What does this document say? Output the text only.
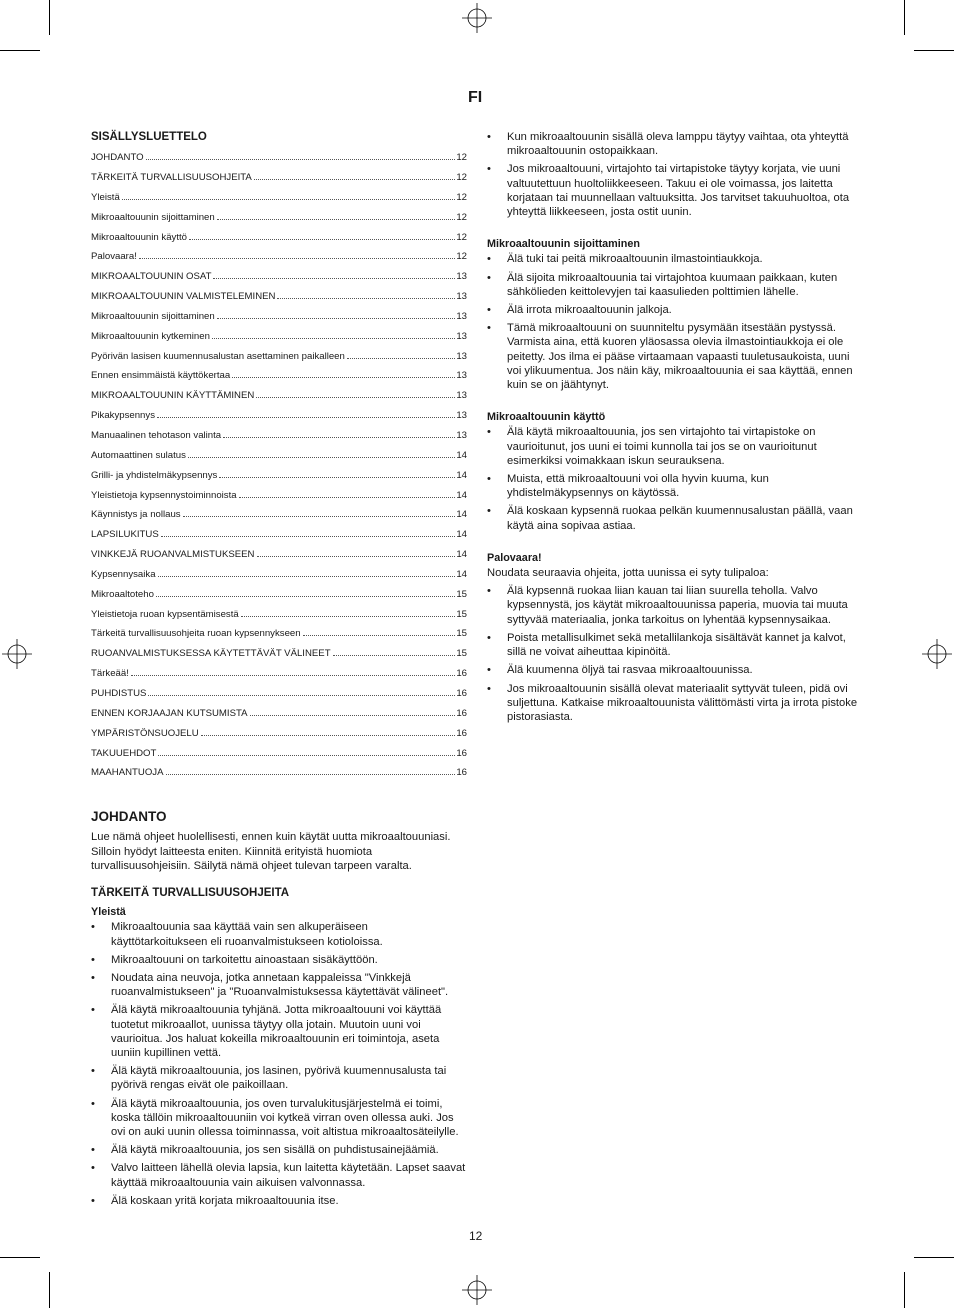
FI
SISÄLLYSLUETTELO
JOHDANTO	12
TÄRKEITÄ TURVALLISUUSOHJEITA	12
Yleistä	12
Mikroaaltouunin sijoittaminen	12
Mikroaaltouunin käyttö	12
Palovaara!	12
MIKROAALTOUUNIN OSAT	13
MIKROAALTOUUNIN VALMISTELEMINEN	13
Mikroaaltouunin sijoittaminen	13
Mikroaaltouunin kytkeminen	13
Pyörivän lasisen kuumennusalustan asettaminen paikalleen	13
Ennen ensimmäistä käyttökertaa	13
MIKROAALTOUUNIN KÄYTTÄMINEN	13
Pikakypsennys	13
Manuaalinen tehotason valinta	13
Automaattinen sulatus	14
Grilli- ja yhdistelmäkypsennys	14
Yleistietoja kypsennystoiminnoista	14
Käynnistys ja nollaus	14
LAPSILUKITUS	14
VINKKEJÄ RUOANVALMISTUKSEEN	14
Kypsennysaika	14
Mikroaaltoteho	15
Yleistietoja ruoan kypsentämisestä	15
Tärkeitä turvallisuusohjeita ruoan kypsennykseen	15
RUOANVALMISTUKSESSA KÄYTETTÄVÄT VÄLINEET	15
Tärkeää!	16
PUHDISTUS	16
ENNEN KORJAAJAN KUTSUMISTA	16
YMPÄRISTÖNSUOJELU	16
TAKUUEHDOT	16
MAAHANTUOJA	16
JOHDANTO

Lue nämä ohjeet huolellisesti, ennen kuin käytät uutta mikroaaltouuniasi. Silloin hyödyt laitteesta eniten. Kiinnitä erityistä huomiota turvallisuusohjeisiin. Säilytä nämä ohjeet tulevan tarpeen varalta.

TÄRKEITÄ TURVALLISUUSOHJEITA
Yleistä
• Mikroaaltouunia saa käyttää vain sen alkuperäiseen käyttötarkoitukseen eli ruoanvalmistukseen kotioloissa.
• Mikroaaltouuni on tarkoitettu ainoastaan sisäkäyttöön.
• Noudata aina neuvoja, jotka annetaan kappaleissa "Vinkkejä ruoanvalmistukseen" ja "Ruoanvalmistuksessa käytettävät välineet".
• Älä käytä mikroaaltouunia tyhjänä. Jotta mikroaaltouuni voi käyttää tuotetut mikroaallot, uunissa täytyy olla jotain. Muutoin uuni voi vaurioitua. Jos haluat kokeilla mikroaaltouunin eri toimintoja, aseta uuniin kupillinen vettä.
• Älä käytä mikroaaltouunia, jos lasinen, pyörivä kuumennusalusta tai pyörivä rengas eivät ole paikoillaan.
• Älä käytä mikroaaltouunia, jos oven turvalukitusjärjestelmä ei toimi, koska tällöin mikroaaltouuniin voi kytkeä virran oven ollessa auki. Jos ovi on auki uunin ollessa toiminnassa, voit altistua mikroaaltosäteilylle.
• Älä käytä mikroaaltouunia, jos sen sisällä on puhdistusainejäämiä.
• Valvo laitteen lähellä olevia lapsia, kun laitetta käytetään. Lapset saavat käyttää mikroaaltouunia vain aikuisen valvonnassa.
• Älä koskaan yritä korjata mikroaaltouunia itse.
• Kun mikroaaltouunin sisällä oleva lamppu täytyy vaihtaa, ota yhteyttä mikroaaltouunin ostopaikkaan.
• Jos mikroaaltouuni, virtajohto tai virtapistoke täytyy korjata, vie uuni valtuutettuun huoltoliikkeeseen. Takuu ei ole voimassa, jos laitetta korjataan tai muunnellaan valtuuksitta. Jos tarvitset takuuhuoltoa, ota yhteyttä liikkeeseen, josta ostit uunin.
Mikroaaltouunin sijoittaminen
• Älä tuki tai peitä mikroaaltouunin ilmastointiaukkoja.
• Älä sijoita mikroaaltouunia tai virtajohtoa kuumaan paikkaan, kuten sähkölieden keittolevyjen tai kaasulieden polttimien lähelle.
• Älä irrota mikroaaltouunin jalkoja.
• Tämä mikroaaltouuni on suunniteltu pysymään itsestään pystyssä. Varmista aina, että kuoren yläosassa olevia ilmastointiaukkoja ei ole peitetty. Jos ilma ei pääse virtaamaan vapaasti tuuletusaukoista, uuni voi ylikuumentua. Jos näin käy, mikroaaltouunia ei saa käyttää, ennen kuin se on jäähtynyt.
Mikroaaltouunin käyttö
• Älä käytä mikroaaltouunia, jos sen virtajohto tai virtapistoke on vaurioitunut, jos uuni ei toimi kunnolla tai jos se on vaurioitunut esimerkiksi voimakkaan iskun seurauksena.
• Muista, että mikroaaltouuni voi olla hyvin kuuma, kun yhdistelmäkypsennys on käytössä.
• Älä koskaan kypsennä ruokaa pelkän kuumennusalustan päällä, vaan käytä aina sopivaa astiaa.
Palovaara!

Noudata seuraavia ohjeita, jotta uunissa ei syty tulipaloa:

• Älä kypsennä ruokaa liian kauan tai liian suurella teholla. Valvo kypsennystä, jos käytät mikroaaltouunissa paperia, muovia tai muuta syttyvää materiaalia, jonka tarkoitus on lyhentää kypsennysaikaa.
• Poista metallisulkimet sekä metallilankoja sisältävät kannet ja kalvot, sillä ne voivat aiheuttaa kipinöitä.
• Älä kuumenna öljyä tai rasvaa mikroaaltouunissa.
• Jos mikroaaltouunin sisällä olevat materiaalit syttyvät tuleen, pidä ovi suljettuna. Katkaise mikroaaltouunista välittömästi virta ja irrota pistoke pistorasiasta.
12
